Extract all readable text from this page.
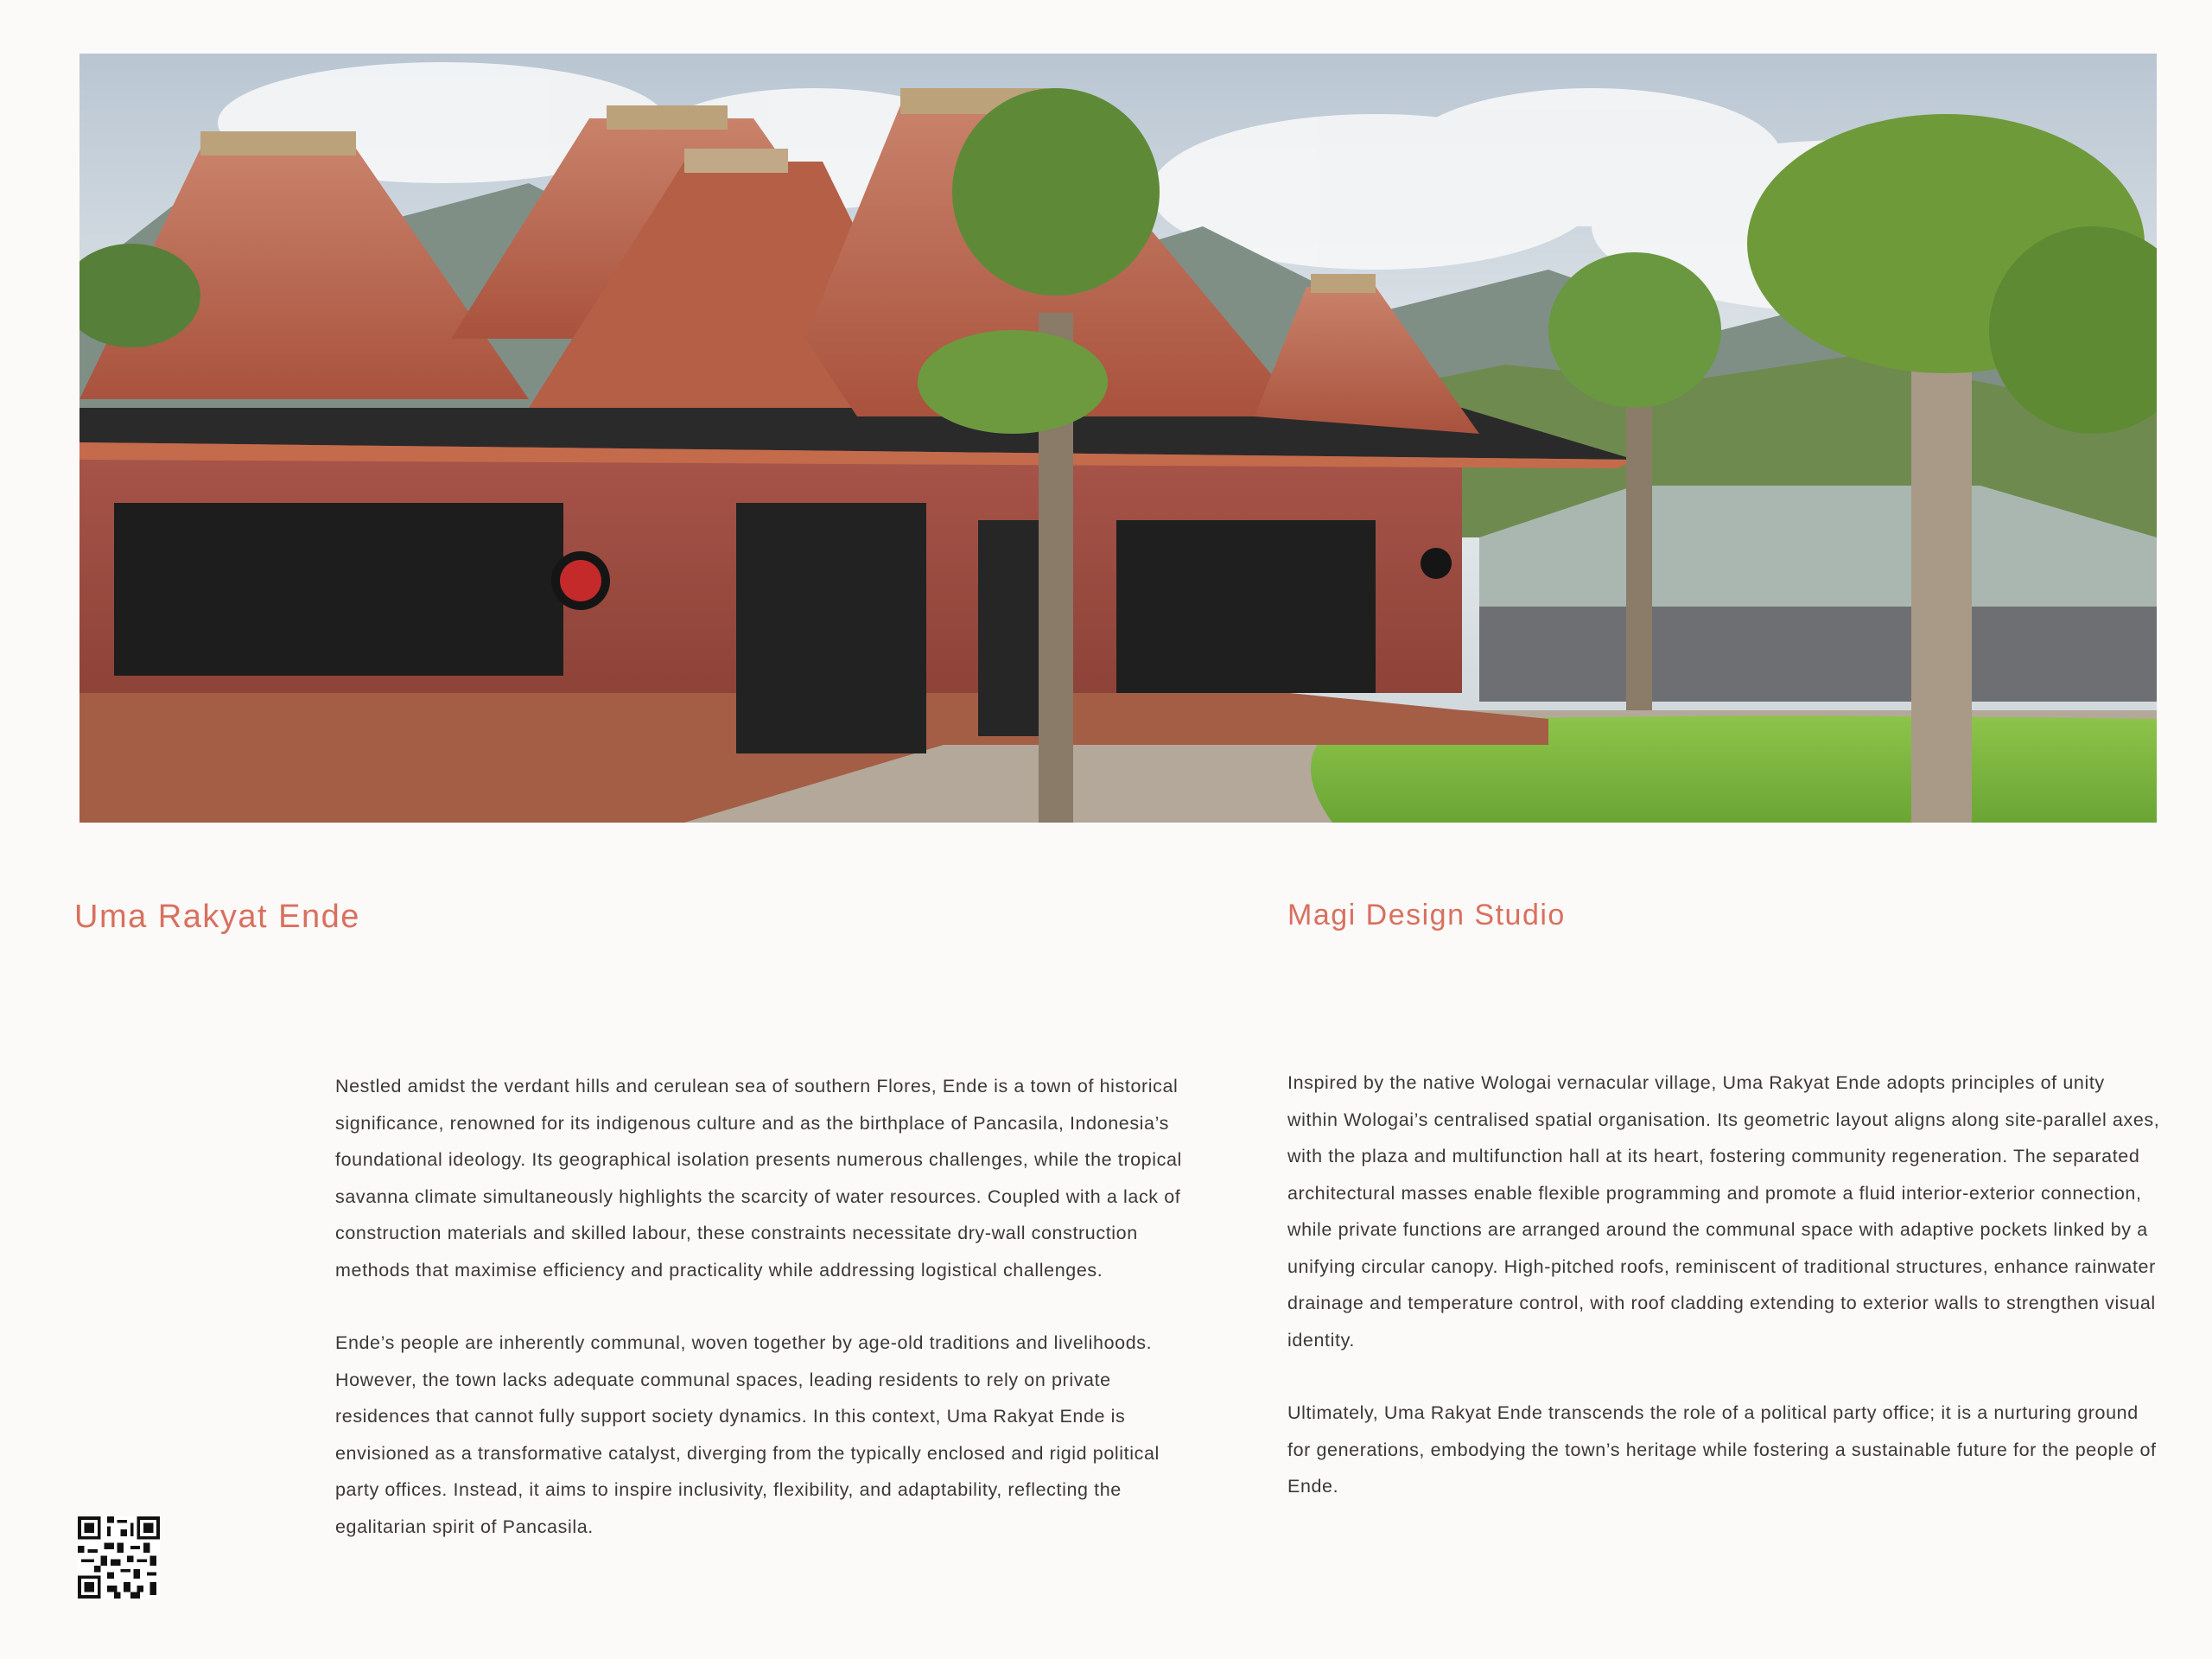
Uma Rakyat Ende	Magi Design Studio

Nestled amidst the verdant hills and cerulean sea of southern Flores, Ende is a town of historical significance, renowned for its indigenous culture and as the birthplace of Pancasila, Indonesia’s foundational ideology. Its geographical isolation presents numerous challenges, while the tropical savanna climate simultaneously highlights the scarcity of water resources. Coupled with a lack of construction materials and skilled labour, these constraints necessitate dry-wall construction methods that maximise efficiency and practicality while addressing logistical challenges.

Ende’s people are inherently communal, woven together by age-old traditions and livelihoods. However, the town lacks adequate communal spaces, leading residents to rely on private residences that cannot fully support society dynamics. In this context, Uma Rakyat Ende is envisioned as a transformative catalyst, diverging from the typically enclosed and rigid political party offices. Instead, it aims to inspire inclusivity, flexibility, and adaptability, reflecting the egalitarian spirit of Pancasila.

Inspired by the native Wologai vernacular village, Uma Rakyat Ende adopts principles of unity within Wologai’s centralised spatial organisation. Its geometric layout aligns along site-parallel axes, with the plaza and multifunction hall at its heart, fostering community regeneration. The separated architectural masses enable flexible programming and promote a fluid interior-exterior connection, while private functions are arranged around the communal space with adaptive pockets linked by a unifying circular canopy. High-pitched roofs, reminiscent of traditional structures, enhance rainwater drainage and temperature control, with roof cladding extending to exterior walls to strengthen visual identity.

Ultimately, Uma Rakyat Ende transcends the role of a political party office; it is a nurturing ground for generations, embodying the town’s heritage while fostering a sustainable future for the people of Ende.
